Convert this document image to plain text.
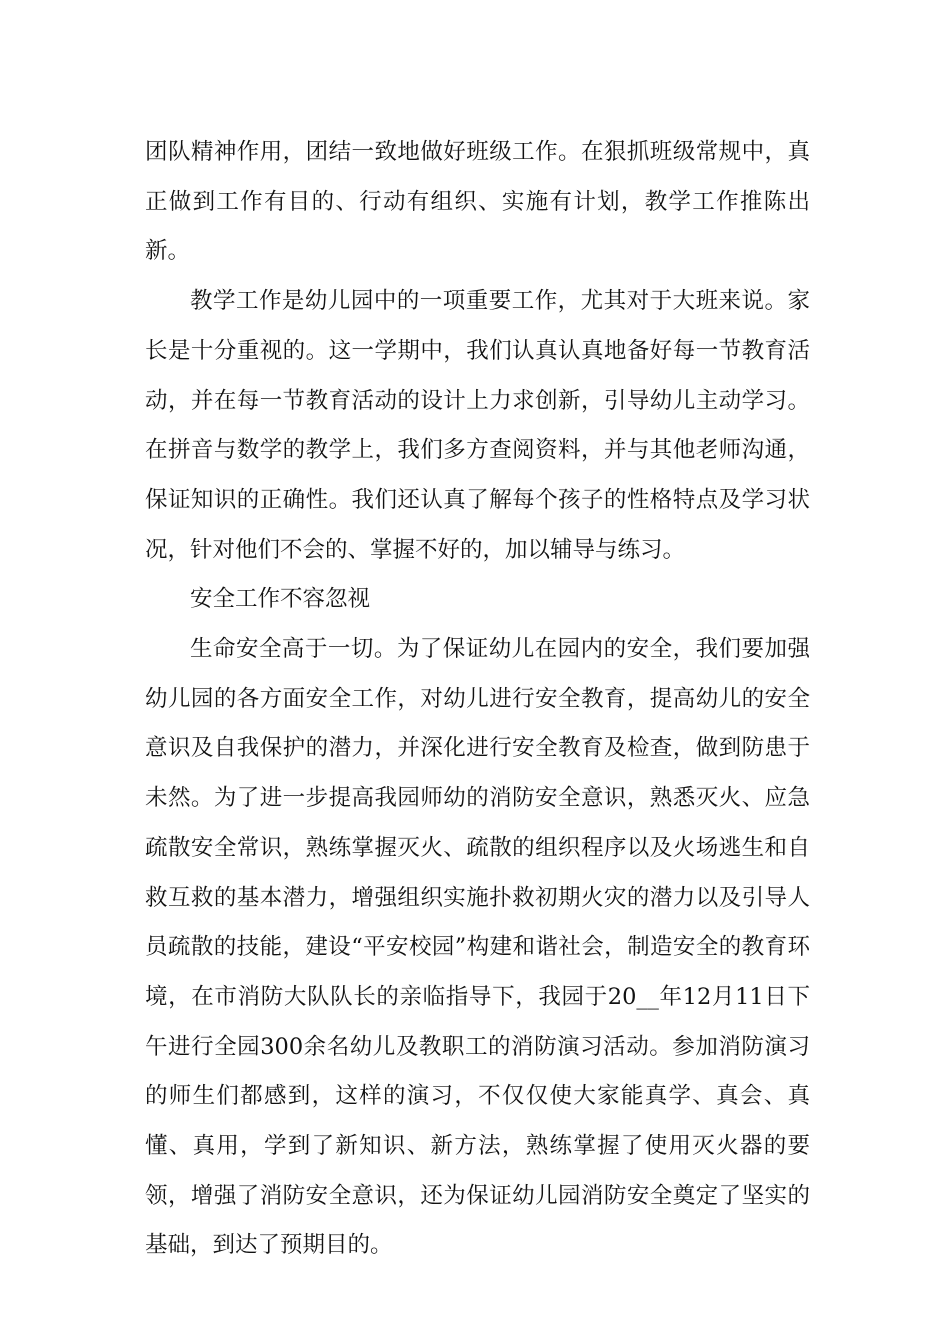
团队精神作用，团结一致地做好班级工作。在狠抓班级常规中，真正做到工作有目的、行动有组织、实施有计划，教学工作推陈出新。

教学工作是幼儿园中的一项重要工作，尤其对于大班来说。家长是十分重视的。这一学期中，我们认真认真地备好每一节教育活动，并在每一节教育活动的设计上力求创新，引导幼儿主动学习。在拼音与数学的教学上，我们多方查阅资料，并与其他老师沟通，保证知识的正确性。我们还认真了解每个孩子的性格特点及学习状况，针对他们不会的、掌握不好的，加以辅导与练习。

安全工作不容忽视

生命安全高于一切。为了保证幼儿在园内的安全，我们要加强幼儿园的各方面安全工作，对幼儿进行安全教育，提高幼儿的安全意识及自我保护的潜力，并深化进行安全教育及检查，做到防患于未然。为了进一步提高我园师幼的消防安全意识，熟悉灭火、应急疏散安全常识，熟练掌握灭火、疏散的组织程序以及火场逃生和自救互救的基本潜力，增强组织实施扑救初期火灾的潜力以及引导人员疏散的技能，建设“平安校园”构建和谐社会，制造安全的教育环境，在市消防大队队长的亲临指导下，我园于20__年12月11日下午进行全园300余名幼儿及教职工的消防演习活动。参加消防演习的师生们都感到，这样的演习，不仅仅使大家能真学、真会、真懂、真用，学到了新知识、新方法，熟练掌握了使用灭火器的要领，增强了消防安全意识，还为保证幼儿园消防安全奠定了坚实的基础，到达了预期目的。
